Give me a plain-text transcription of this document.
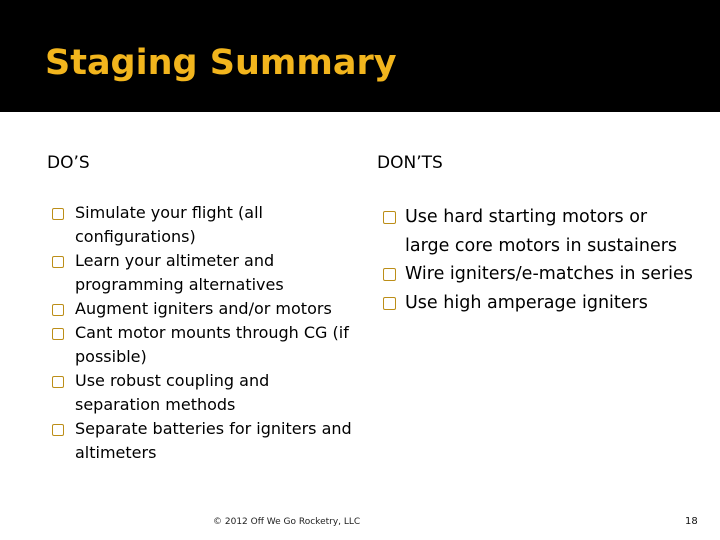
Staging Summary
DO’S	DON’TS
Simulate your flight (all configurations)
Learn your altimeter and programming alternatives
Augment igniters and/or motors
Cant motor mounts through CG (if possible)
Use robust coupling and separation methods
Separate batteries for igniters and altimeters
Use hard starting motors or large core motors in sustainers
Wire igniters/e-matches in series
Use high amperage igniters
© 2012 Off We Go Rocketry, LLC	18
